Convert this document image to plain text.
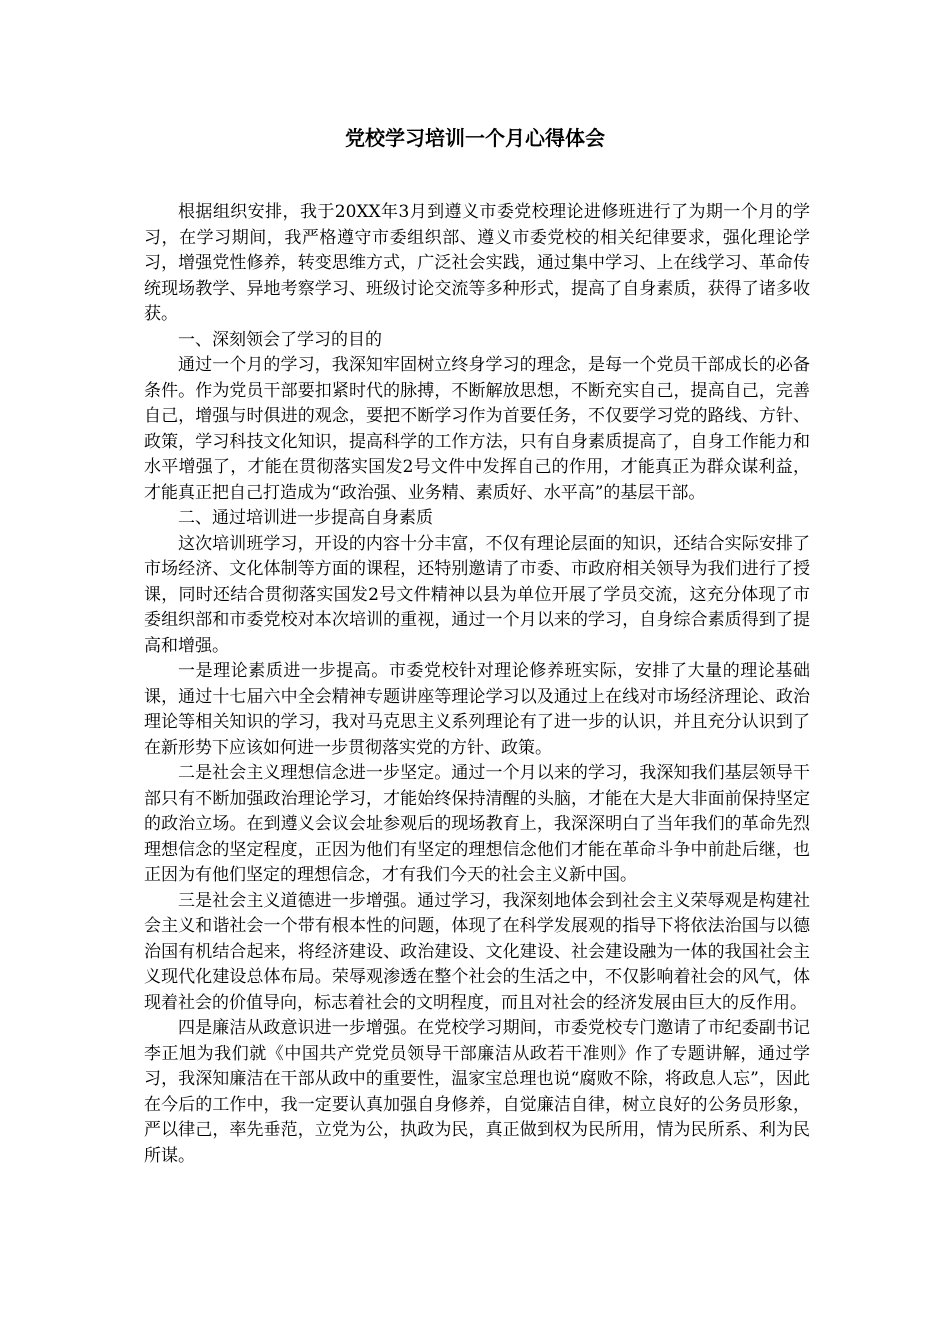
党校学习培训一个月心得体会

根据组织安排，我于20XX年3月到遵义市委党校理论进修班进行了为期一个月的学习，在学习期间，我严格遵守市委组织部、遵义市委党校的相关纪律要求，强化理论学习，增强党性修养，转变思维方式，广泛社会实践，通过集中学习、上在线学习、革命传统现场教学、异地考察学习、班级讨论交流等多种形式，提高了自身素质，获得了诸多收获。

一、深刻领会了学习的目的

通过一个月的学习，我深知牢固树立终身学习的理念，是每一个党员干部成长的必备条件。作为党员干部要扣紧时代的脉搏，不断解放思想，不断充实自己，提高自己，完善自己，增强与时俱进的观念，要把不断学习作为首要任务，不仅要学习党的路线、方针、政策，学习科技文化知识，提高科学的工作方法，只有自身素质提高了，自身工作能力和水平增强了，才能在贯彻落实国发2号文件中发挥自己的作用，才能真正为群众谋利益，才能真正把自己打造成为“政治强、业务精、素质好、水平高”的基层干部。

二、通过培训进一步提高自身素质

这次培训班学习，开设的内容十分丰富，不仅有理论层面的知识，还结合实际安排了市场经济、文化体制等方面的课程，还特别邀请了市委、市政府相关领导为我们进行了授课，同时还结合贯彻落实国发2号文件精神以县为单位开展了学员交流，这充分体现了市委组织部和市委党校对本次培训的重视，通过一个月以来的学习，自身综合素质得到了提高和增强。

一是理论素质进一步提高。市委党校针对理论修养班实际，安排了大量的理论基础课，通过十七届六中全会精神专题讲座等理论学习以及通过上在线对市场经济理论、政治理论等相关知识的学习，我对马克思主义系列理论有了进一步的认识，并且充分认识到了在新形势下应该如何进一步贯彻落实党的方针、政策。

二是社会主义理想信念进一步坚定。通过一个月以来的学习，我深知我们基层领导干部只有不断加强政治理论学习，才能始终保持清醒的头脑，才能在大是大非面前保持坚定的政治立场。在到遵义会议会址参观后的现场教育上，我深深明白了当年我们的革命先烈理想信念的坚定程度，正因为他们有坚定的理想信念他们才能在革命斗争中前赴后继，也正因为有他们坚定的理想信念，才有我们今天的社会主义新中国。

三是社会主义道德进一步增强。通过学习，我深刻地体会到社会主义荣辱观是构建社会主义和谐社会一个带有根本性的问题，体现了在科学发展观的指导下将依法治国与以德治国有机结合起来，将经济建设、政治建设、文化建设、社会建设融为一体的我国社会主义现代化建设总体布局。荣辱观渗透在整个社会的生活之中，不仅影响着社会的风气，体现着社会的价值导向，标志着社会的文明程度，而且对社会的经济发展由巨大的反作用。

四是廉洁从政意识进一步增强。在党校学习期间，市委党校专门邀请了市纪委副书记李正旭为我们就《中国共产党党员领导干部廉洁从政若干准则》作了专题讲解，通过学习，我深知廉洁在干部从政中的重要性，温家宝总理也说“腐败不除，将政息人忘”，因此在今后的工作中，我一定要认真加强自身修养，自觉廉洁自律，树立良好的公务员形象，严以律己，率先垂范，立党为公，执政为民，真正做到权为民所用，情为民所系、利为民所谋。
